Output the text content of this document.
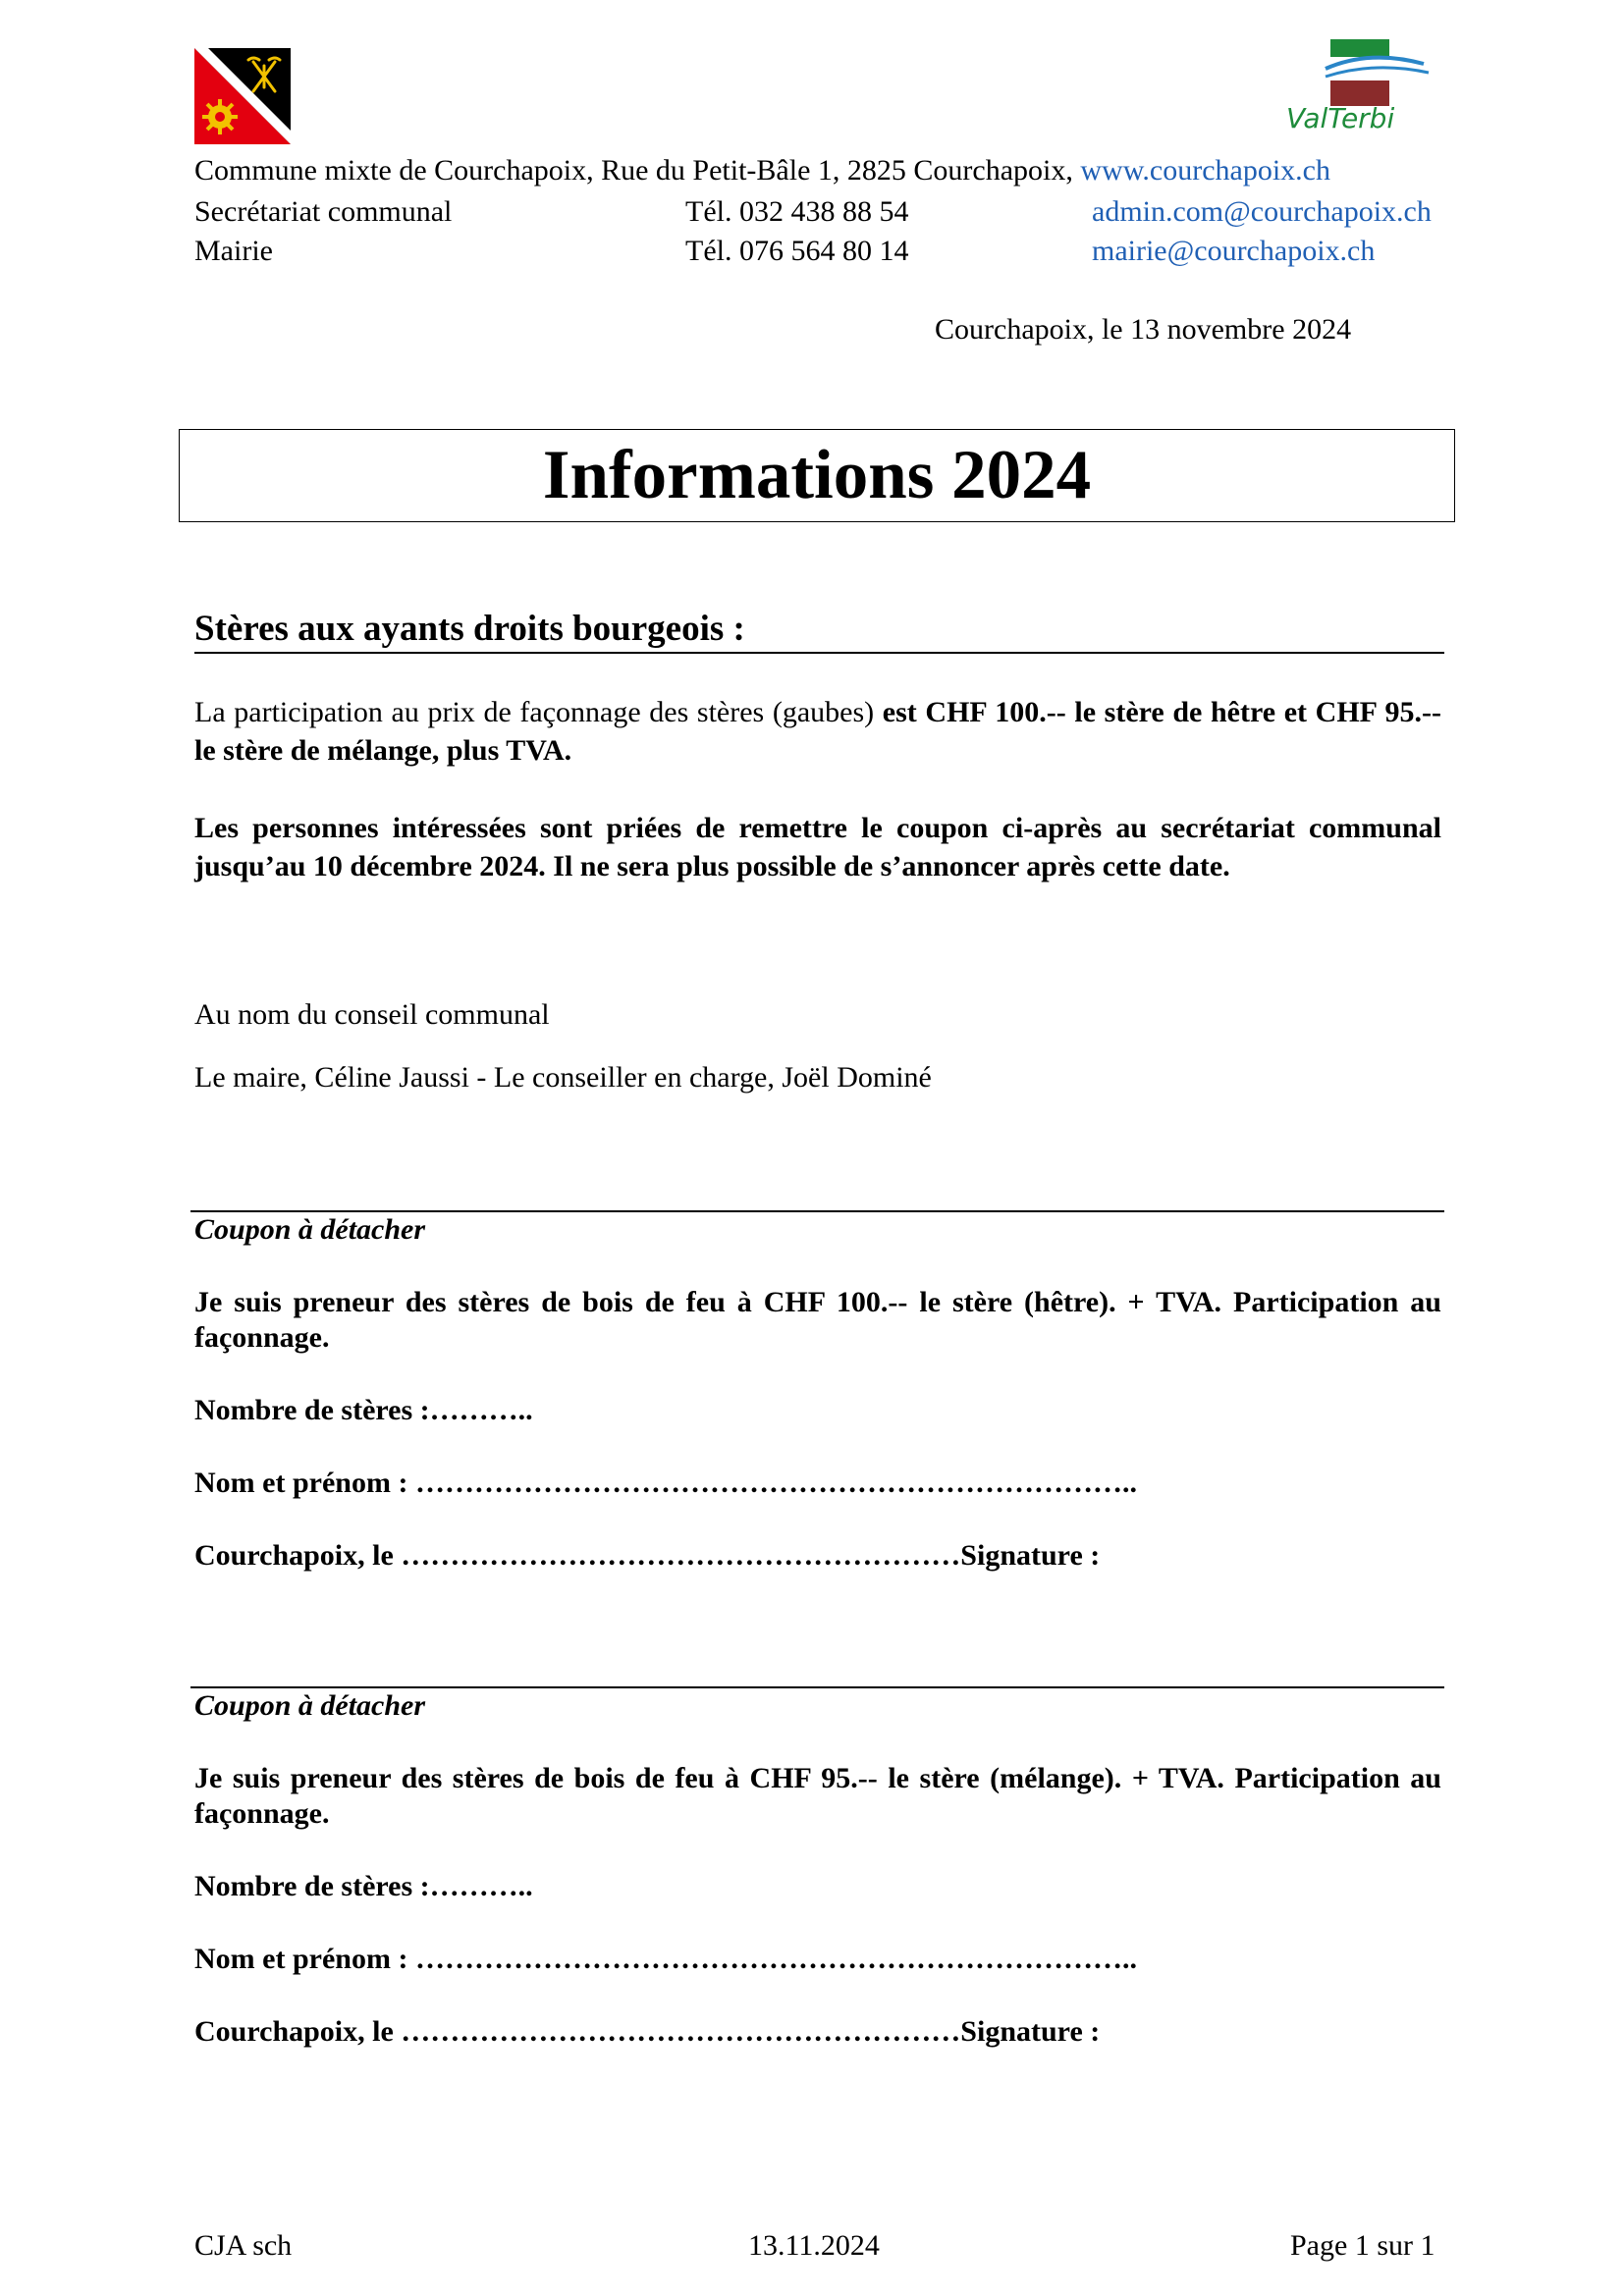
ValTerbi
Commune mixte de Courchapoix, Rue du Petit-Bâle 1, 2825 Courchapoix, www.courchapoix.ch
Secrétariat communal	Tél. 032 438 88 54	admin.com@courchapoix.ch
Mairie	Tél. 076 564 80 14	mairie@courchapoix.ch
Courchapoix, le 13 novembre 2024
Informations 2024
Stères aux ayants droits bourgeois :
La participation au prix de façonnage des stères (gaubes) est CHF 100.-- le stère de hêtre et CHF 95.-- le stère de mélange, plus TVA.
Les personnes intéressées sont priées de remettre le coupon ci-après au secrétariat communal jusqu’au 10 décembre 2024. Il ne sera plus possible de s’annoncer après cette date.
Au nom du conseil communal
Le maire, Céline Jaussi - Le conseiller en charge, Joël Dominé
Coupon à détacher
Je suis preneur des stères de bois de feu à CHF 100.-- le stère (hêtre). + TVA. Participation au façonnage.
Nombre de stères :………..
Nom et prénom : ………………………………………………………………..
Courchapoix, le …………………………………………………Signature :
Coupon à détacher
Je suis preneur des stères de bois de feu à CHF 95.-- le stère (mélange). + TVA. Participation au façonnage.
Nombre de stères :………..
Nom et prénom : ………………………………………………………………..
Courchapoix, le …………………………………………………Signature :
CJA sch	13.11.2024	Page 1 sur 1
